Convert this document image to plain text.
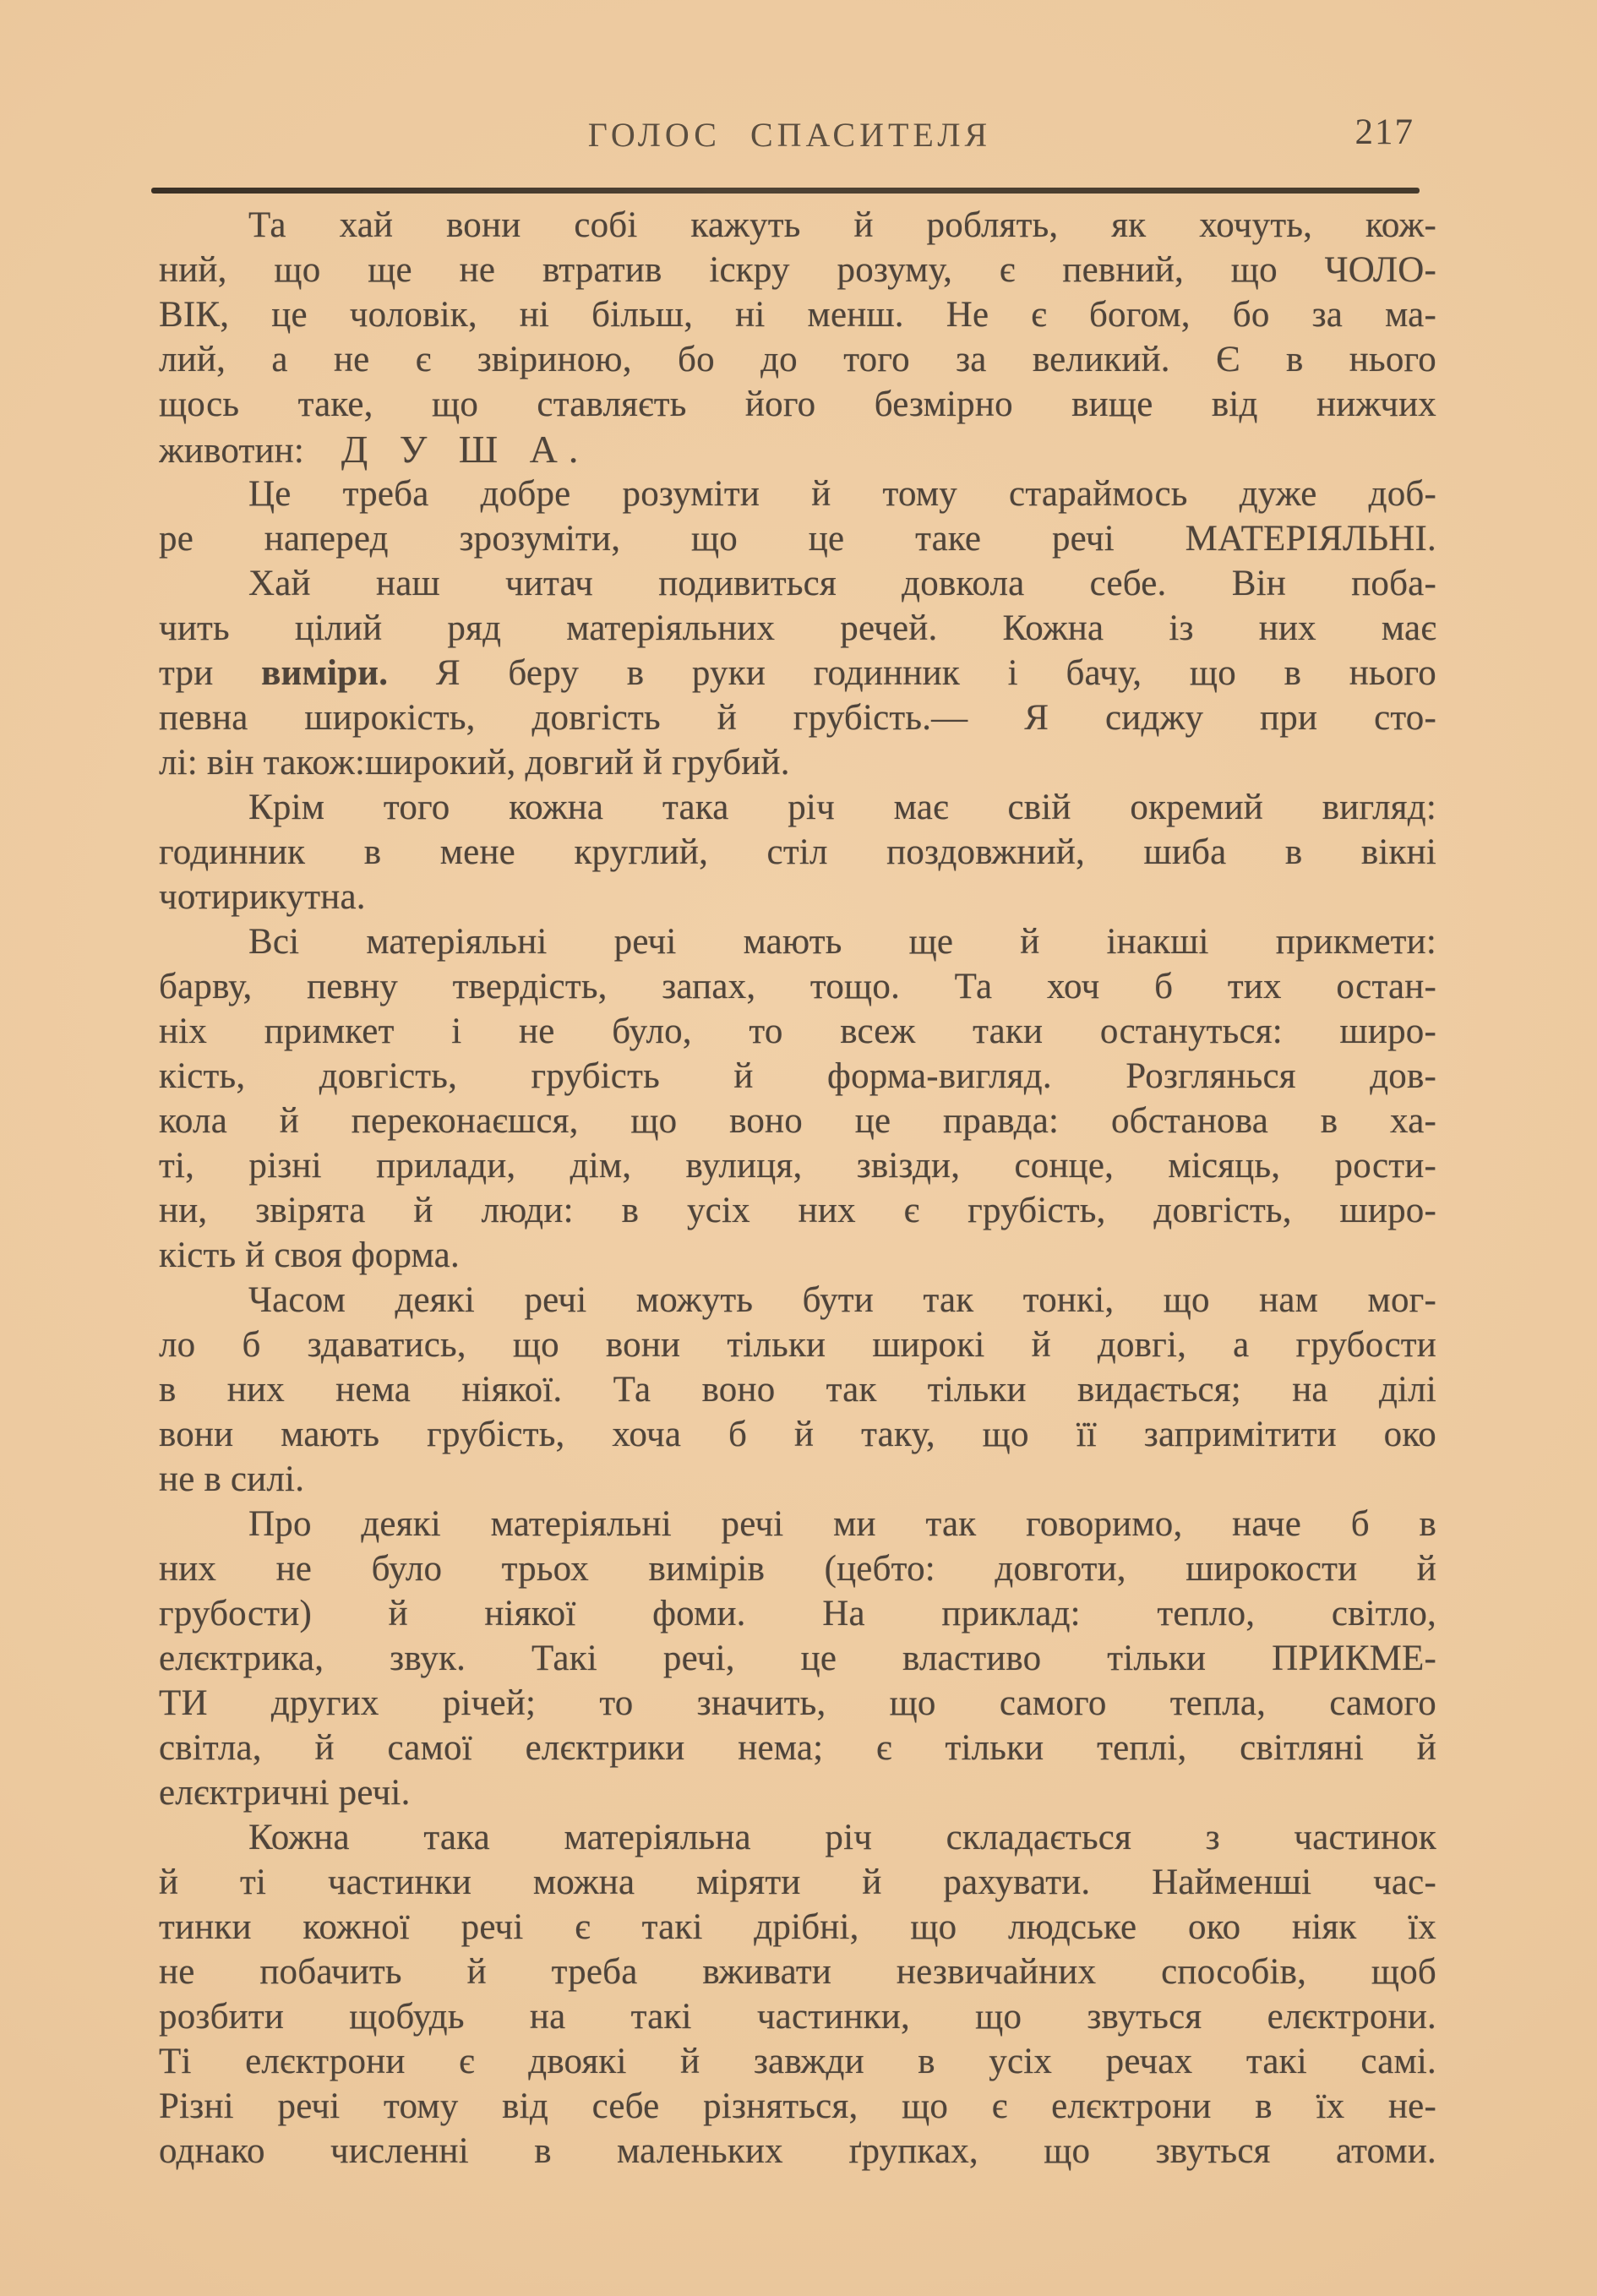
ГОЛОС СПАСИТЕЛЯ	217
Та хай вони собі кажуть й роблять, як хочуть, кож-
ний, що ще не втратив іскру розуму, є певний, що ЧОЛО-
ВІК, це чоловік, ні більш, ні менш. Не є богом, бо за ма-
лий, а не є звіриною, бо до того за великий. Є в нього
щось таке, що ставляєть його безмірно вище від нижчих
животин:    Д У Ш А.
Це треба добре розуміти й тому стараймось дуже доб-
ре наперед зрозуміти, що це таке речі МАТЕРІЯЛЬНІ.
Хай наш читач подивиться довкола себе. Він поба-
чить цілий ряд матеріяльних речей. Кожна із них має
три виміри. Я беру в руки годинник і бачу, що в нього
певна широкість, довгість й грубість.— Я сиджу при сто-
лі: він також:широкий, довгий й грубий.
Крім того кожна така річ має свій окремий вигляд:
годинник в мене круглий, стіл поздовжний, шиба в вікні
чотирикутна.
Всі матеріяльні речі мають ще й інакші прикмети:
барву, певну твердість, запах, тощо. Та хоч б тих остан-
ніх примкет і не було, то всеж таки остануться: широ-
кість, довгість, грубість й форма-вигляд. Розглянься дов-
кола й переконаєшся, що воно це правда: обстанова в ха-
ті, різні прилади, дім, вулиця, звізди, сонце, місяць, рости-
ни, звірята й люди: в усіх них є грубість, довгість, широ-
кість й своя форма.
Часом деякі речі можуть бути так тонкі, що нам мог-
ло б здаватись, що вони тільки широкі й довгі, а грубости
в них нема ніякої. Та воно так тільки видається; на ділі
вони мають грубість, хоча б й таку, що її запримітити око
не в силі.
Про деякі матеріяльні речі ми так говоримо, наче б в
них не було трьох вимірів (цебто: довготи, широкости й
грубости) й ніякої фоми. На приклад: тепло, світло,
елєктрика, звук. Такі речі, це властиво тільки ПРИКМЕ-
ТИ других річей; то значить, що самого тепла, самого
світла, й самої елєктрики нема; є тільки теплі, світляні й
елєктричні речі.
Кожна така матеріяльна річ складається з частинок
й ті частинки можна міряти й рахувати. Найменші час-
тинки кожної речі є такі дрібні, що людське око ніяк їх
не побачить й треба вживати незвичайних способів, щоб
розбити щобудь на такі частинки, що звуться елєктрони.
Ті елєктрони є двоякі й завжди в усіх речах такі самі.
Різні речі тому від себе різняться, що є елєктрони в їх не-
однако численні в маленьких ґрупках, що звуться атоми.
